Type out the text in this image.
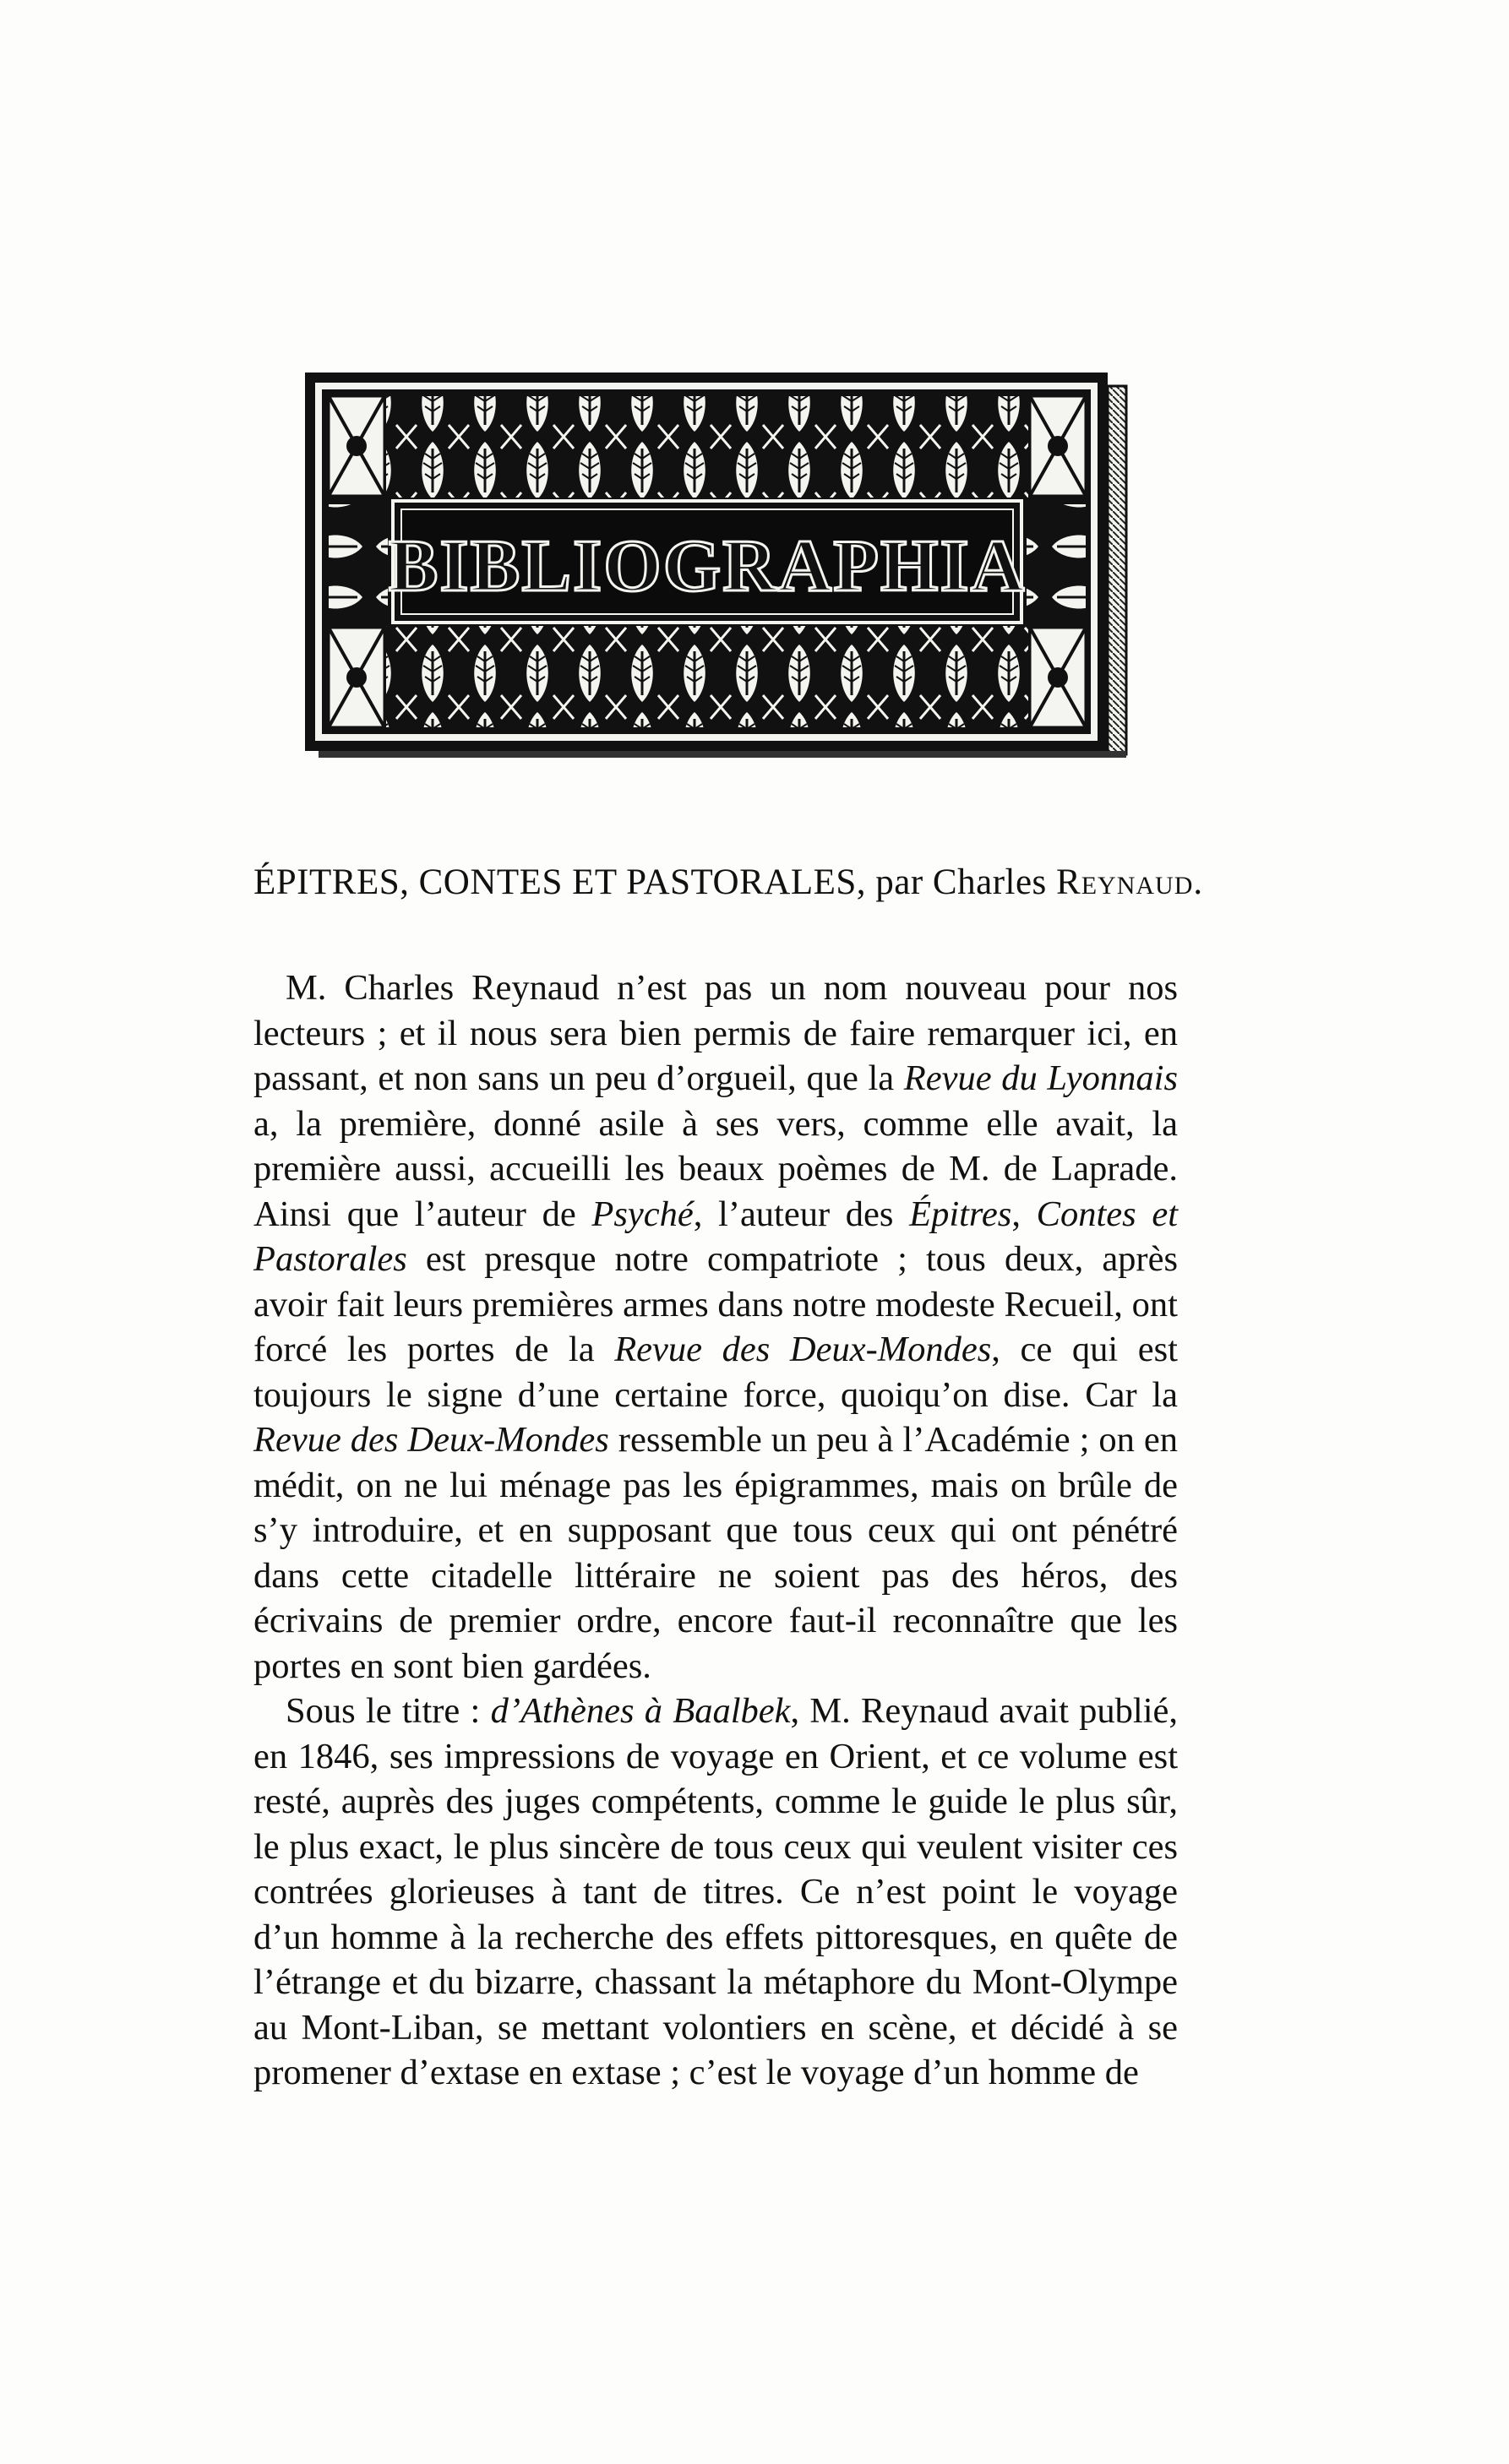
BIBLIOGRAPHIA
ÉPITRES, CONTES ET PASTORALES, par Charles Reynaud.

M. Charles Reynaud n’est pas un nom nouveau pour nos lecteurs ; et il nous sera bien permis de faire remarquer ici, en passant, et non sans un peu d’orgueil, que la Revue du Lyonnais a, la première, donné asile à ses vers, comme elle avait, la première aussi, accueilli les beaux poèmes de M. de Laprade. Ainsi que l’auteur de Psyché, l’auteur des Épitres, Contes et Pastorales est presque notre compatriote ; tous deux, après avoir fait leurs premières armes dans notre modeste Recueil, ont forcé les portes de la Revue des Deux-Mondes, ce qui est toujours le signe d’une certaine force, quoiqu’on dise. Car la Revue des Deux-Mondes ressemble un peu à l’Académie ; on en médit, on ne lui ménage pas les épigrammes, mais on brûle de s’y introduire, et en supposant que tous ceux qui ont pénétré dans cette citadelle littéraire ne soient pas des héros, des écrivains de premier ordre, encore faut-il reconnaître que les portes en sont bien gardées.

Sous le titre : d’Athènes à Baalbek, M. Reynaud avait publié, en 1846, ses impressions de voyage en Orient, et ce volume est resté, auprès des juges compétents, comme le guide le plus sûr, le plus exact, le plus sincère de tous ceux qui veulent visiter ces contrées glorieuses à tant de titres. Ce n’est point le voyage d’un homme à la recherche des effets pittoresques, en quête de l’étrange et du bizarre, chassant la métaphore du Mont-Olympe au Mont-Liban, se mettant volontiers en scène, et décidé à se promener d’extase en extase ; c’est le voyage d’un homme de
